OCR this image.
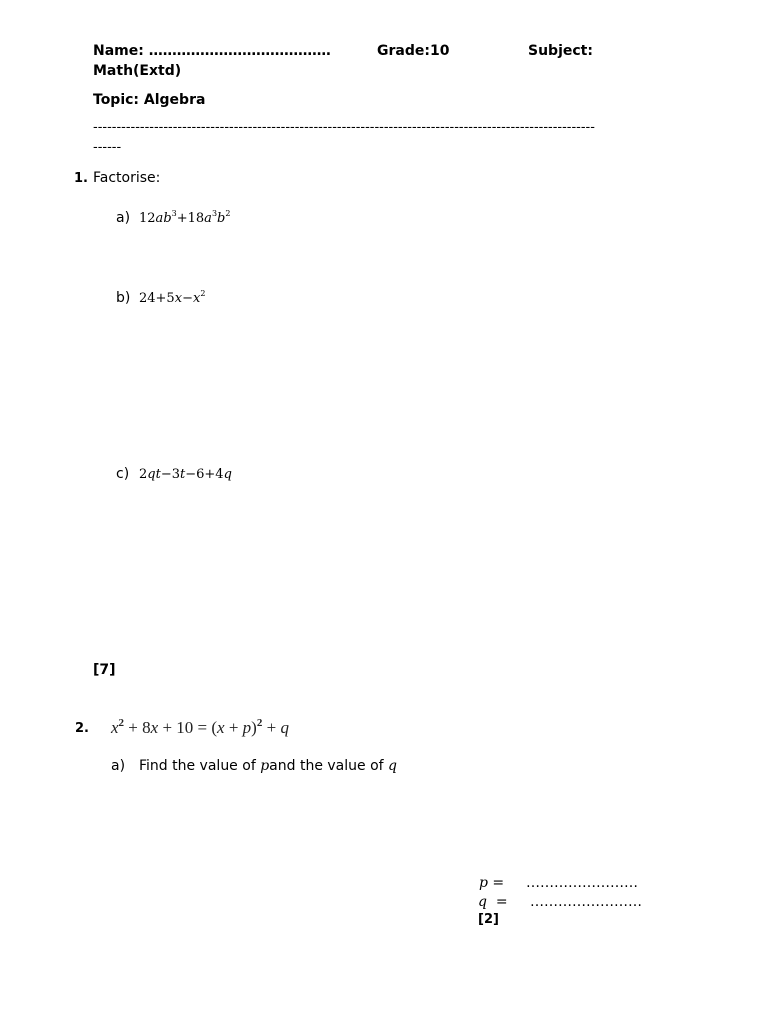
Name: …………………………………	Grade:10	Subject:
Math(Extd)
Topic: Algebra
-----------------------------------------------------------------------------------------------------------
------
1. Factorise:
a) $12ab^3+18a^3b^2$
b) $24+5x-x^2$
c) 2qt−3t−6+4q
[7]
2. $x^2 + 8x + 10 = (x + p)^2 + q$
a) Find the value of pand the value of q
p = ……………………
q  = ……………………
[2]
